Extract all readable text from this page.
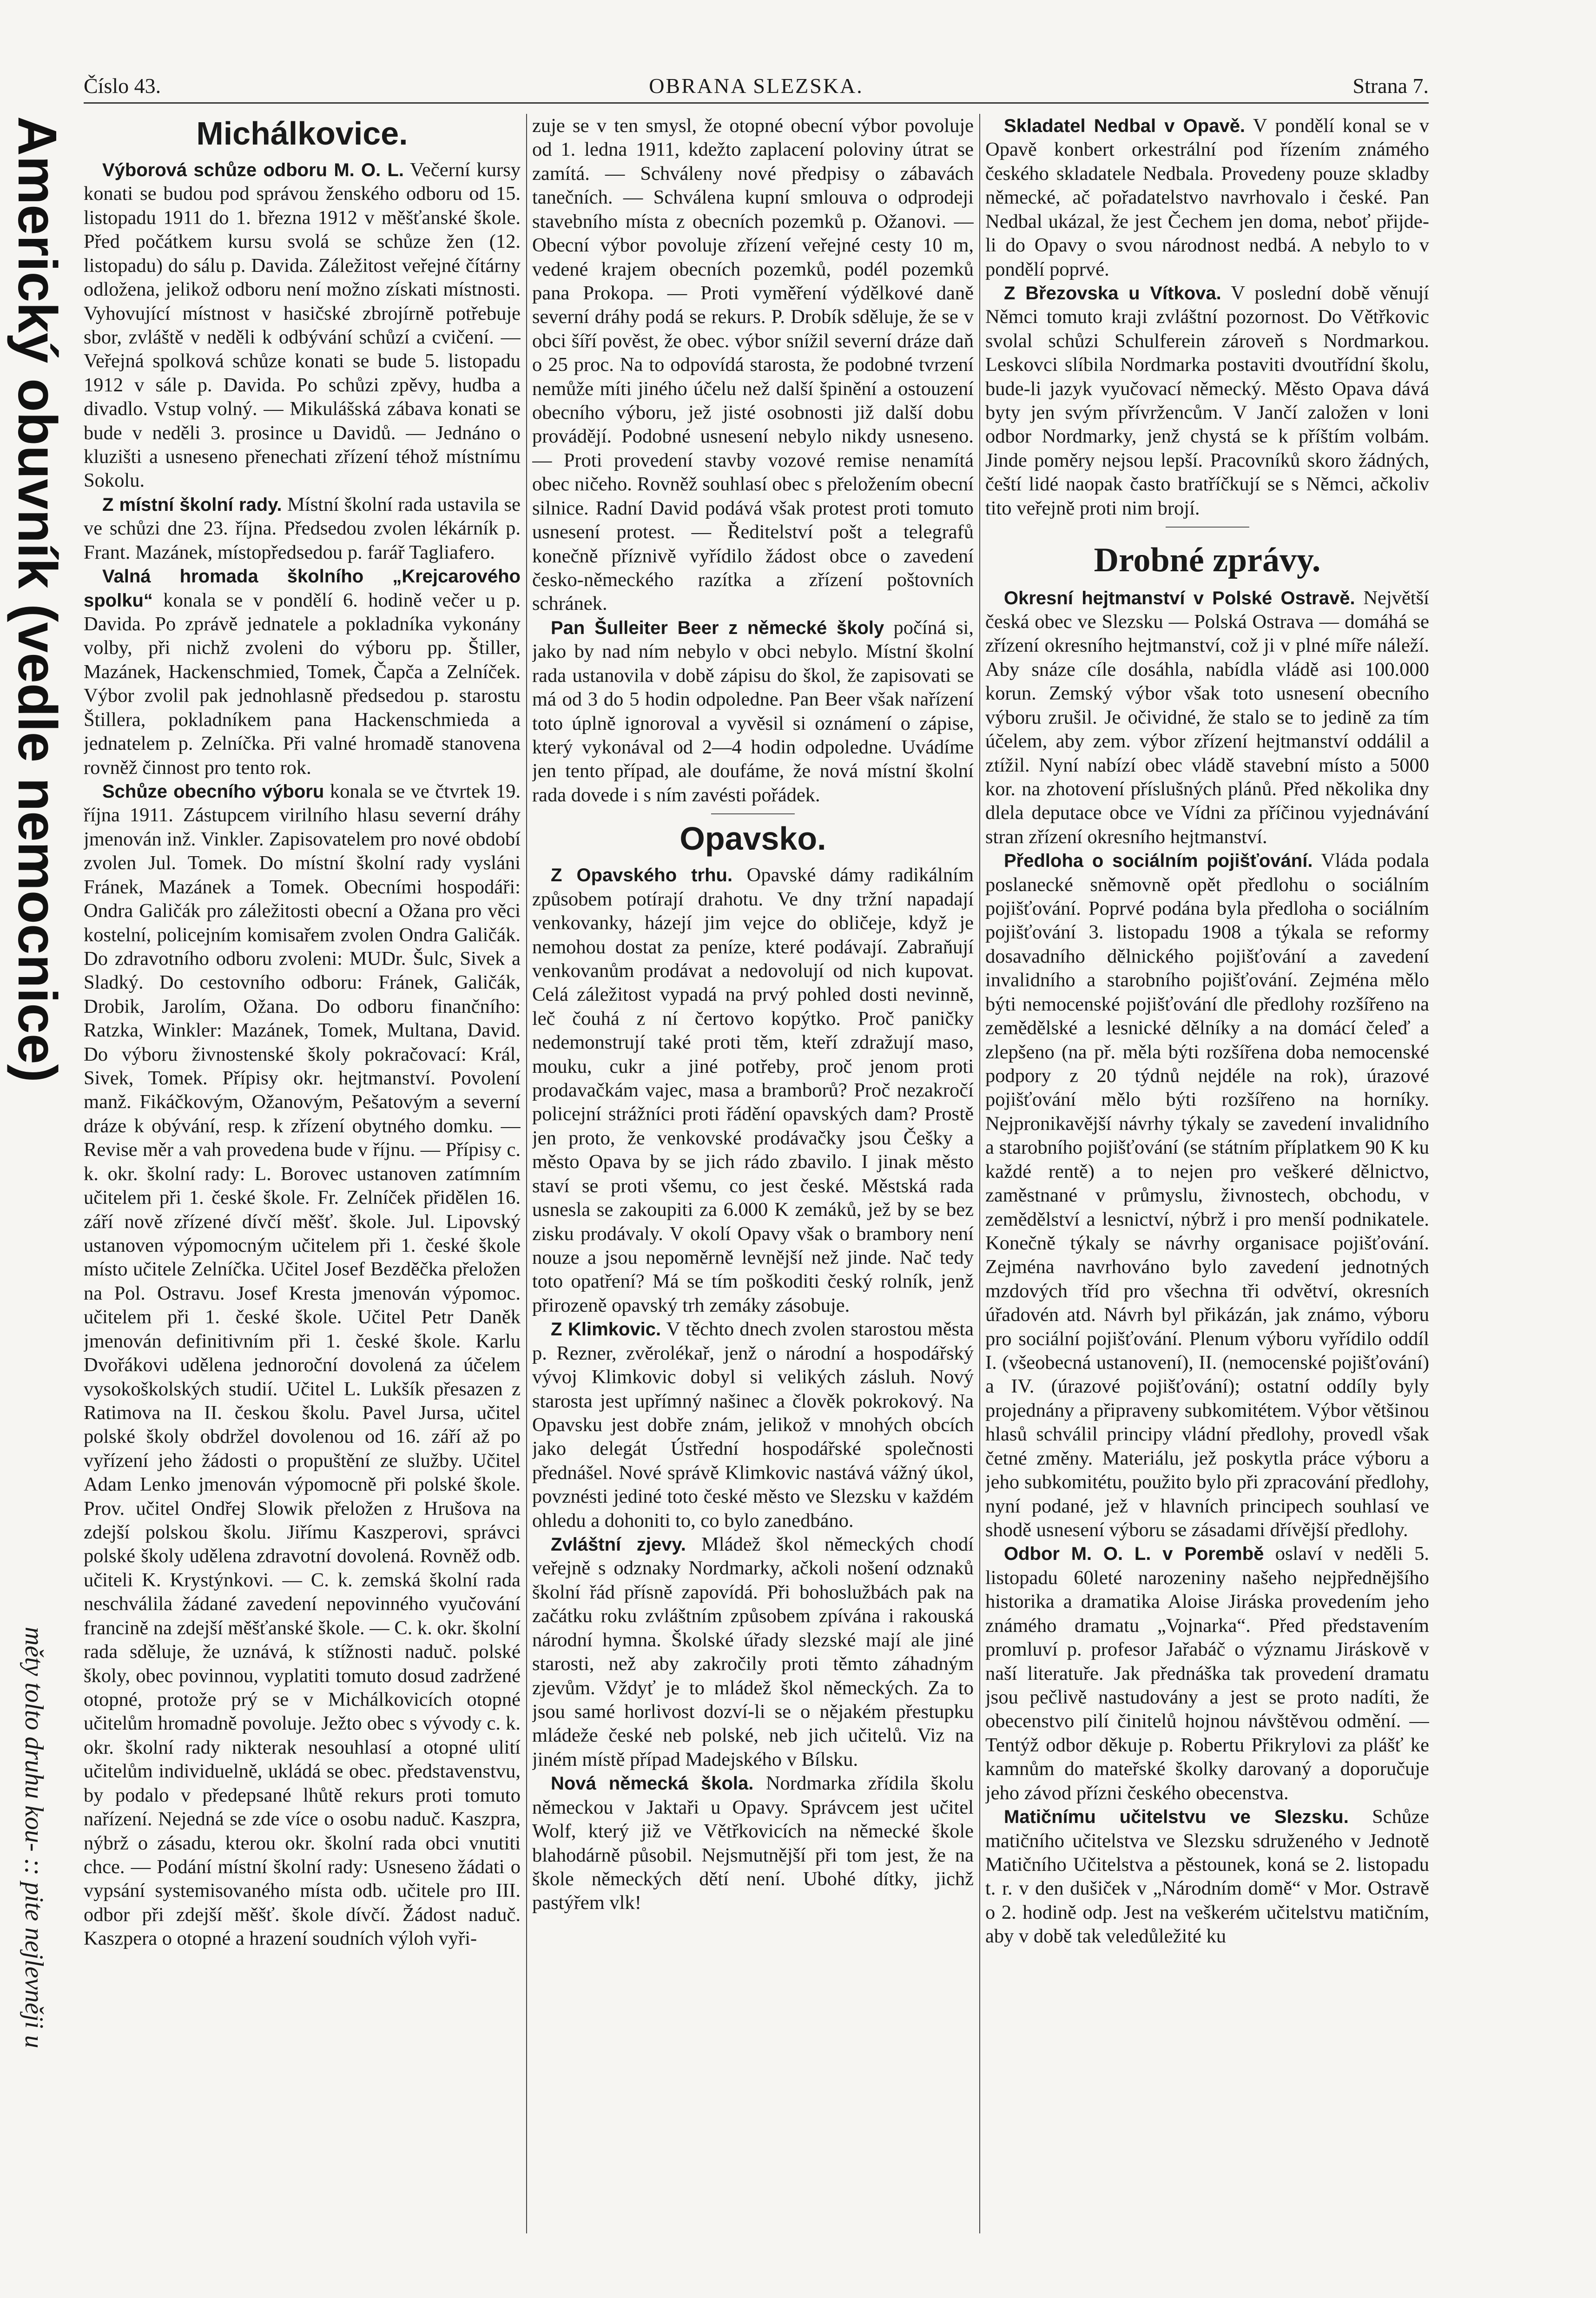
Číslo 43.	OBRANA SLEZSKA.	Strana 7.
Americký obuvník (vedle nemocnice)
měty tolto druhu kou- :: pite nejlevněji u
Michálkovice.

Výborová schůze odboru M. O. L. Večerní kursy konati se budou pod správou ženského odboru od 15. listopadu 1911 do 1. března 1912 v měšťanské škole. Před počátkem kursu svolá se schůze žen (12. listopadu) do sálu p. Davida. Záležitost veřejné čítárny odložena, jelikož odboru není možno získati místnosti. Vyhovující místnost v hasičské zbrojírně potřebuje sbor, zvláště v neděli k odbývání schůzí a cvičení. — Veřejná spolková schůze konati se bude 5. listopadu 1912 v sále p. Davida. Po schůzi zpěvy, hudba a divadlo. Vstup volný. — Mikulášská zábava konati se bude v neděli 3. prosince u Davidů. — Jednáno o kluzišti a usneseno přenechati zřízení téhož místnímu Sokolu.

Z místní školní rady. Místní školní rada ustavila se ve schůzi dne 23. října. Předsedou zvolen lékárník p. Frant. Mazánek, místopředsedou p. farář Tagliafero.

Valná hromada školního „Krejcarového spolku“ konala se v pondělí 6. hodině večer u p. Davida. Po zprávě jednatele a pokladníka vykonány volby, při nichž zvoleni do výboru pp. Štiller, Mazánek, Hackenschmied, Tomek, Čapča a Zelníček. Výbor zvolil pak jednohlasně předsedou p. starostu Štillera, pokladníkem pana Hackenschmieda a jednatelem p. Zelníčka. Při valné hromadě stanovena rovněž činnost pro tento rok.

Schůze obecního výboru konala se ve čtvrtek 19. října 1911. Zástupcem virilního hlasu severní dráhy jmenován inž. Vinkler. Zapisovatelem pro nové období zvolen Jul. Tomek. Do místní školní rady vysláni Fránek, Mazánek a Tomek. Obecními hospodáři: Ondra Galičák pro záležitosti obecní a Ožana pro věci kostelní, policejním komisařem zvolen Ondra Galičák. Do zdravotního odboru zvoleni: MUDr. Šulc, Sivek a Sladký. Do cestovního odboru: Fránek, Galičák, Drobik, Jarolím, Ožana. Do odboru finančního: Ratzka, Winkler: Mazánek, Tomek, Multana, David. Do výboru živnostenské školy pokračovací: Král, Sivek, Tomek. Přípisy okr. hejtmanství. Povolení manž. Fikáčkovým, Ožanovým, Pešatovým a severní dráze k obývání, resp. k zřízení obytného domku. — Revise měr a vah provedena bude v říjnu. — Přípisy c. k. okr. školní rady: L. Borovec ustanoven zatímním učitelem při 1. české škole. Fr. Zelníček přidělen 16. září nově zřízené dívčí měšť. škole. Jul. Lipovský ustanoven výpomocným učitelem při 1. české škole místo učitele Zelníčka. Učitel Josef Bezděčka přeložen na Pol. Ostravu. Josef Kresta jmenován výpomoc. učitelem při 1. české škole. Učitel Petr Daněk jmenován definitivním při 1. české škole. Karlu Dvořákovi udělena jednoroční dovolená za účelem vysokoškolských studií. Učitel L. Lukšík přesazen z Ratimova na II. českou školu. Pavel Jursa, učitel polské školy obdržel dovolenou od 16. září až po vyřízení jeho žádosti o propuštění ze služby. Učitel Adam Lenko jmenován výpomocně při polské škole. Prov. učitel Ondřej Slowik přeložen z Hrušova na zdejší polskou školu. Jiřímu Kaszperovi, správci polské školy udělena zdravotní dovolená. Rovněž odb. učiteli K. Krystýnkovi. — C. k. zemská školní rada neschválila žádané zavedení nepovinného vyučování francině na zdejší měšťanské škole. — C. k. okr. školní rada sděluje, že uznává, k stížnosti naduč. polské školy, obec povinnou, vyplatiti tomuto dosud zadržené otopné, protože prý se v Michálkovicích otopné učitelům hromadně povoluje. Ježto obec s vývody c. k. okr. školní rady nikterak nesouhlasí a otopné ulití učitelům individuelně, ukládá se obec. představenstvu, by podalo v předepsané lhůtě rekurs proti tomuto nařízení. Nejedná se zde více o osobu naduč. Kaszpra, nýbrž o zásadu, kterou okr. školní rada obci vnutiti chce. — Podání místní školní rady: Usneseno žádati o vypsání systemisovaného místa odb. učitele pro III. odbor při zdejší měšť. škole dívčí. Žádost naduč. Kaszpera o otopné a hrazení soudních výloh vyři-

zuje se v ten smysl, že otopné obecní výbor povoluje od 1. ledna 1911, kdežto zaplacení poloviny útrat se zamítá. — Schváleny nové předpisy o zábavách tanečních. — Schválena kupní smlouva o odprodeji stavebního místa z obecních pozemků p. Ožanovi. — Obecní výbor povoluje zřízení veřejné cesty 10 m, vedené krajem obecních pozemků, podél pozemků pana Prokopa. — Proti vyměření výdělkové daně severní dráhy podá se rekurs. P. Drobík sděluje, že se v obci šíří pověst, že obec. výbor snížil severní dráze daň o 25 proc. Na to odpovídá starosta, že podobné tvrzení nemůže míti jiného účelu než další špinění a ostouzení obecního výboru, jež jisté osobnosti již další dobu provádějí. Podobné usnesení nebylo nikdy usneseno. — Proti provedení stavby vozové remise nenamítá obec ničeho. Rovněž souhlasí obec s přeložením obecní silnice. Radní David podává však protest proti tomuto usnesení protest. — Ředitelství pošt a telegrafů konečně příznivě vyřídilo žádost obce o zavedení česko-německého razítka a zřízení poštovních schránek.

Pan Šulleiter Beer z německé školy počíná si, jako by nad ním nebylo v obci nebylo. Místní školní rada ustanovila v době zápisu do škol, že zapisovati se má od 3 do 5 hodin odpoledne. Pan Beer však nařízení toto úplně ignoroval a vyvěsil si oznámení o zápise, který vykonával od 2—4 hodin odpoledne. Uvádíme jen tento případ, ale doufáme, že nová místní školní rada dovede i s ním zavésti pořádek.

Opavsko.

Z Opavského trhu. Opavské dámy radikálním způsobem potírají drahotu. Ve dny tržní napadají venkovanky, házejí jim vejce do obličeje, když je nemohou dostat za peníze, které podávají. Zabraňují venkovanům prodávat a nedovolují od nich kupovat. Celá záležitost vypadá na prvý pohled dosti nevinně, leč čouhá z ní čertovo kopýtko. Proč paničky nedemonstrují také proti těm, kteří zdražují maso, mouku, cukr a jiné potřeby, proč jenom proti prodavačkám vajec, masa a bramborů? Proč nezakročí policejní strážníci proti řádění opavských dam? Prostě jen proto, že venkovské prodávačky jsou Češky a město Opava by se jich rádo zbavilo. I jinak město staví se proti všemu, co jest české. Městská rada usnesla se zakoupiti za 6.000 K zemáků, jež by se bez zisku prodávaly. V okolí Opavy však o brambory není nouze a jsou nepoměrně levnější než jinde. Nač tedy toto opatření? Má se tím poškoditi český rolník, jenž přirozeně opavský trh zemáky zásobuje.

Z Klimkovic. V těchto dnech zvolen starostou města p. Rezner, zvěrolékař, jenž o národní a hospodářský vývoj Klimkovic dobyl si velikých zásluh. Nový starosta jest upřímný našinec a člověk pokrokový. Na Opavsku jest dobře znám, jelikož v mnohých obcích jako delegát Ústřední hospodářské společnosti přednášel. Nové správě Klimkovic nastává vážný úkol, povznésti jediné toto české město ve Slezsku v každém ohledu a dohoniti to, co bylo zanedbáno.

Zvláštní zjevy. Mládež škol německých chodí veřejně s odznaky Nordmarky, ačkoli nošení odznaků školní řád přísně zapovídá. Při bohoslužbách pak na začátku roku zvláštním způsobem zpívána i rakouská národní hymna. Školské úřady slezské mají ale jiné starosti, než aby zakročily proti těmto záhadným zjevům. Vždyť je to mládež škol německých. Za to jsou samé horlivost dozví-li se o nějakém přestupku mládeže české neb polské, neb jich učitelů. Viz na jiném místě případ Madejského v Bílsku.

Nová německá škola. Nordmarka zřídila školu německou v Jaktaři u Opavy. Správcem jest učitel Wolf, který již ve Větřkovicích na německé škole blahodárně působil. Nejsmutnější při tom jest, že na škole německých dětí není. Ubohé dítky, jichž pastýřem vlk!

Skladatel Nedbal v Opavě. V pondělí konal se v Opavě konbert orkestrální pod řízením známého českého skladatele Nedbala. Provedeny pouze skladby německé, ač pořadatelstvo navrhovalo i české. Pan Nedbal ukázal, že jest Čechem jen doma, neboť přijde-li do Opavy o svou národnost nedbá. A nebylo to v pondělí poprvé.

Z Březovska u Vítkova. V poslední době věnují Němci tomuto kraji zvláštní pozornost. Do Větřkovic svolal schůzi Schulferein zároveň s Nordmarkou. Leskovci slíbila Nordmarka postaviti dvoutřídní školu, bude-li jazyk vyučovací německý. Město Opava dává byty jen svým přívržencům. V Jančí založen v loni odbor Nordmarky, jenž chystá se k příštím volbám. Jinde poměry nejsou lepší. Pracovníků skoro žádných, čeští lidé naopak často bratříčkují se s Němci, ačkoliv tito veřejně proti nim brojí.

Drobné zprávy.

Okresní hejtmanství v Polské Ostravě. Největší česká obec ve Slezsku — Polská Ostrava — domáhá se zřízení okresního hejtmanství, což ji v plné míře náleží. Aby snáze cíle dosáhla, nabídla vládě asi 100.000 korun. Zemský výbor však toto usnesení obecního výboru zrušil. Je očividné, že stalo se to jedině za tím účelem, aby zem. výbor zřízení hejtmanství oddálil a ztížil. Nyní nabízí obec vládě stavební místo a 5000 kor. na zhotovení příslušných plánů. Před několika dny dlela deputace obce ve Vídni za příčinou vyjednávání stran zřízení okresního hejtmanství.

Předloha o sociálním pojišťování. Vláda podala poslanecké sněmovně opět předlohu o sociálním pojišťování. Poprvé podána byla předloha o sociálním pojišťování 3. listopadu 1908 a týkala se reformy dosavadního dělnického pojišťování a zavedení invalidního a starobního pojišťování. Zejména mělo býti nemocenské pojišťování dle předlohy rozšířeno na zemědělské a lesnické dělníky a na domácí čeleď a zlepšeno (na př. měla býti rozšířena doba nemocenské podpory z 20 týdnů nejdéle na rok), úrazové pojišťování mělo býti rozšířeno na horníky. Nejpronikavější návrhy týkaly se zavedení invalidního a starobního pojišťování (se státním příplatkem 90 K ku každé rentě) a to nejen pro veškeré dělnictvo, zaměstnané v průmyslu, živnostech, obchodu, v zemědělství a lesnictví, nýbrž i pro menší podnikatele. Konečně týkaly se návrhy organisace pojišťování. Zejména navrhováno bylo zavedení jednotných mzdových tříd pro všechna tři odvětví, okresních úřadovén atd. Návrh byl přikázán, jak známo, výboru pro sociální pojišťování. Plenum výboru vyřídilo oddíl I. (všeobecná ustanovení), II. (nemocenské pojišťování) a IV. (úrazové pojišťování); ostatní oddíly byly projednány a připraveny subkomitétem. Výbor většinou hlasů schválil principy vládní předlohy, provedl však četné změny. Materiálu, jež poskytla práce výboru a jeho subkomitétu, použito bylo při zpracování předlohy, nyní podané, jež v hlavních principech souhlasí ve shodě usnesení výboru se zásadami dřívější předlohy.

Odbor M. O. L. v Porembě oslaví v neděli 5. listopadu 60leté narozeniny našeho nejpřednějšího historika a dramatika Aloise Jiráska provedením jeho známého dramatu „Vojnarka“. Před představením promluví p. profesor Jařabáč o významu Jiráskově v naší literatuře. Jak přednáška tak provedení dramatu jsou pečlivě nastudovány a jest se proto nadíti, že obecenstvo pilí činitelů hojnou návštěvou odmění. — Tentýž odbor děkuje p. Robertu Přikrylovi za plášť ke kamnům do mateřské školky darovaný a doporučuje jeho závod přízni českého obecenstva.

Matičnímu učitelstvu ve Slezsku. Schůze matičního učitelstva ve Slezsku sdruženého v Jednotě Matičního Učitelstva a pěstounek, koná se 2. listopadu t. r. v den dušiček v „Národním domě“ v Mor. Ostravě o 2. hodině odp. Jest na veškerém učitelstvu matičním, aby v době tak veledůležité ku
